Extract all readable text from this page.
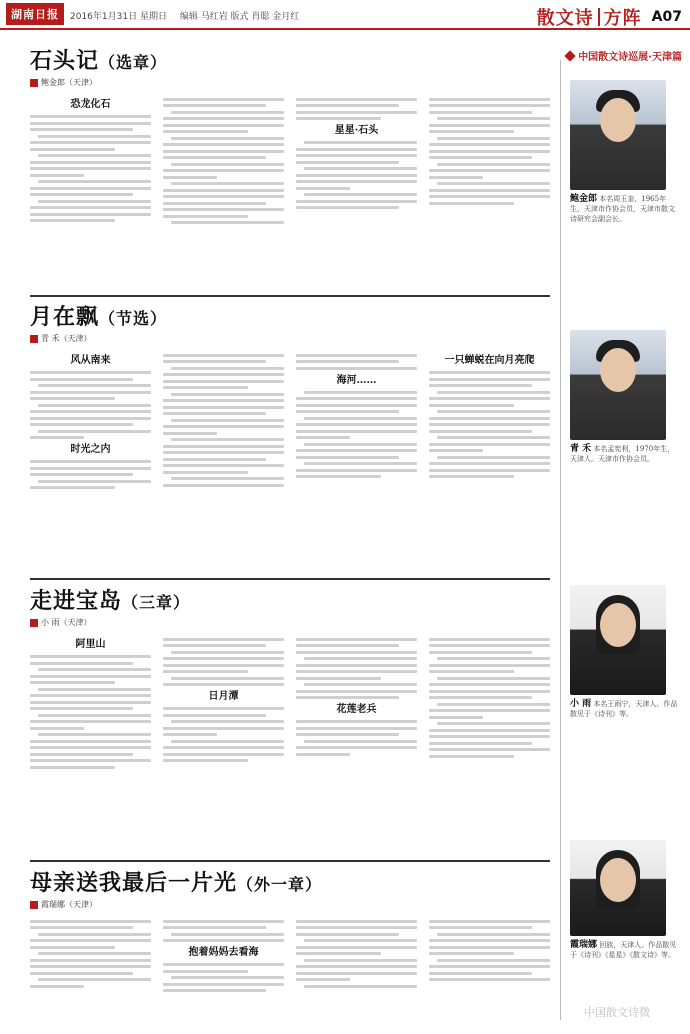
湖南日报	2016年1月31日 星期日 编辑 马红岩 版式 肖聪 金月红	散文诗 方阵 A07
中国散文诗巡展·天津篇
石头记（选章）
鲍金郎（天津）
恐龙化石
星星·石头
月在飘（节选）
青 禾（天津）
风从南来
时光之内
海河……
一只蝉蜕在向月亮爬
走进宝岛（三章）
小 雨（天津）
阿里山
日月潭
花莲老兵
母亲送我最后一片光（外一章）
霞瑞娜（天津）
抱着妈妈去看海
鲍金郎 本名周玉奎，1965年生，天津市作协会员，天津市散文诗研究会副会长。
青 禾 本名孟宪利，1970年生，天津人。天津市作协会员。
小 雨 本名王雨宁，天津人。作品散见于《诗刊》等。
霞瑞娜 回族，天津人。作品散见于《诗刊》《星星》《散文诗》等。
中国散文诗微
